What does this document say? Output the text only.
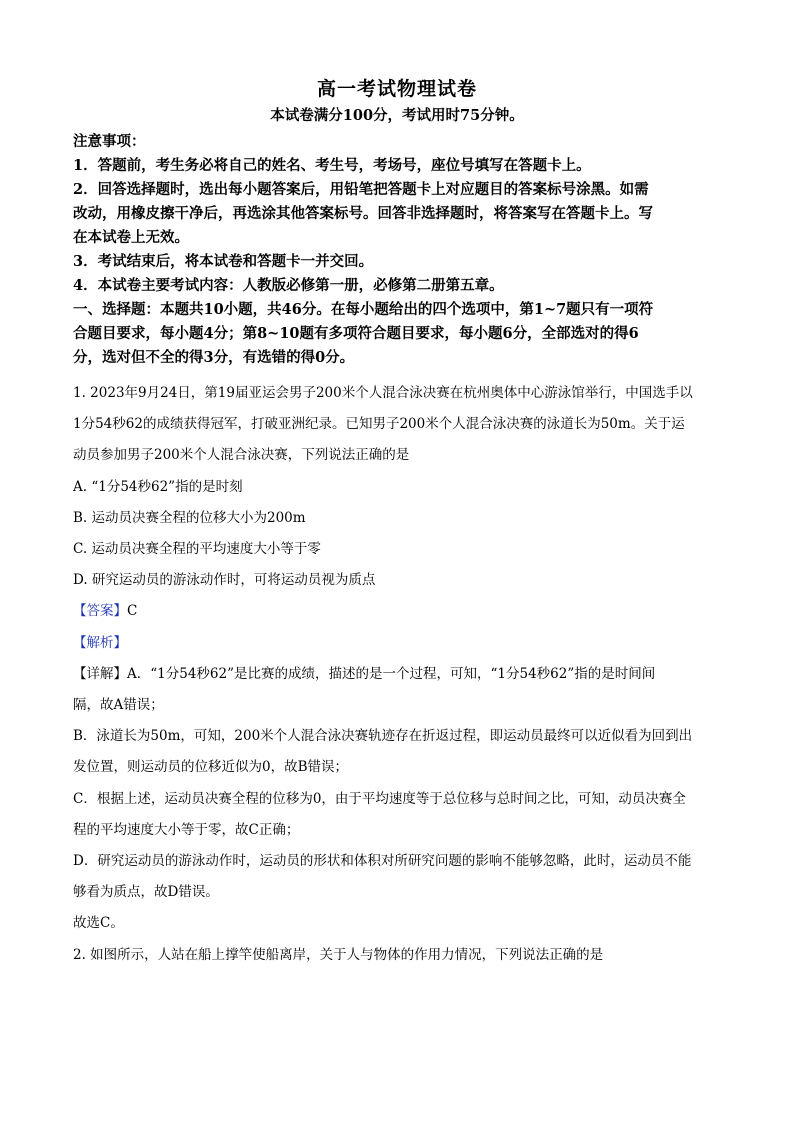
高一考试物理试卷
本试卷满分100分，考试用时75分钟。

注意事项：

1．答题前，考生务必将自己的姓名、考生号，考场号，座位号填写在答题卡上。

2．回答选择题时，选出每小题答案后，用铅笔把答题卡上对应题目的答案标号涂黑。如需

改动，用橡皮擦干净后，再选涂其他答案标号。回答非选择题时，将答案写在答题卡上。写

在本试卷上无效。

3．考试结束后，将本试卷和答题卡一并交回。

4．本试卷主要考试内容：人教版必修第一册，必修第二册第五章。

一、选择题：本题共10小题，共46分。在每小题给出的四个选项中，第1~7题只有一项符

合题目要求，每小题4分；第8~10题有多项符合题目要求，每小题6分，全部选对的得6

分，选对但不全的得3分，有选错的得0分。

1. 2023年9月24日，第19届亚运会男子200米个人混合泳决赛在杭州奥体中心游泳馆举行，中国选手以

1分54秒62的成绩获得冠军，打破亚洲纪录。已知男子200米个人混合泳决赛的泳道长为50m。关于运

动员参加男子200米个人混合泳决赛，下列说法正确的是

A. “1分54秒62”指的是时刻

B. 运动员决赛全程的位移大小为200m

C. 运动员决赛全程的平均速度大小等于零

D. 研究运动员的游泳动作时，可将运动员视为质点

【答案】C

【解析】

【详解】A．“1分54秒62”是比赛的成绩，描述的是一个过程，可知，“1分54秒62”指的是时间间

隔，故A错误；

B．泳道长为50m，可知，200米个人混合泳决赛轨迹存在折返过程，即运动员最终可以近似看为回到出

发位置，则运动员的位移近似为0，故B错误；

C．根据上述，运动员决赛全程的位移为0，由于平均速度等于总位移与总时间之比，可知，动员决赛全

程的平均速度大小等于零，故C正确；

D．研究运动员的游泳动作时，运动员的形状和体积对所研究问题的影响不能够忽略，此时，运动员不能

够看为质点，故D错误。

故选C。

2. 如图所示，人站在船上撑竿使船离岸，关于人与物体的作用力情况，下列说法正确的是
